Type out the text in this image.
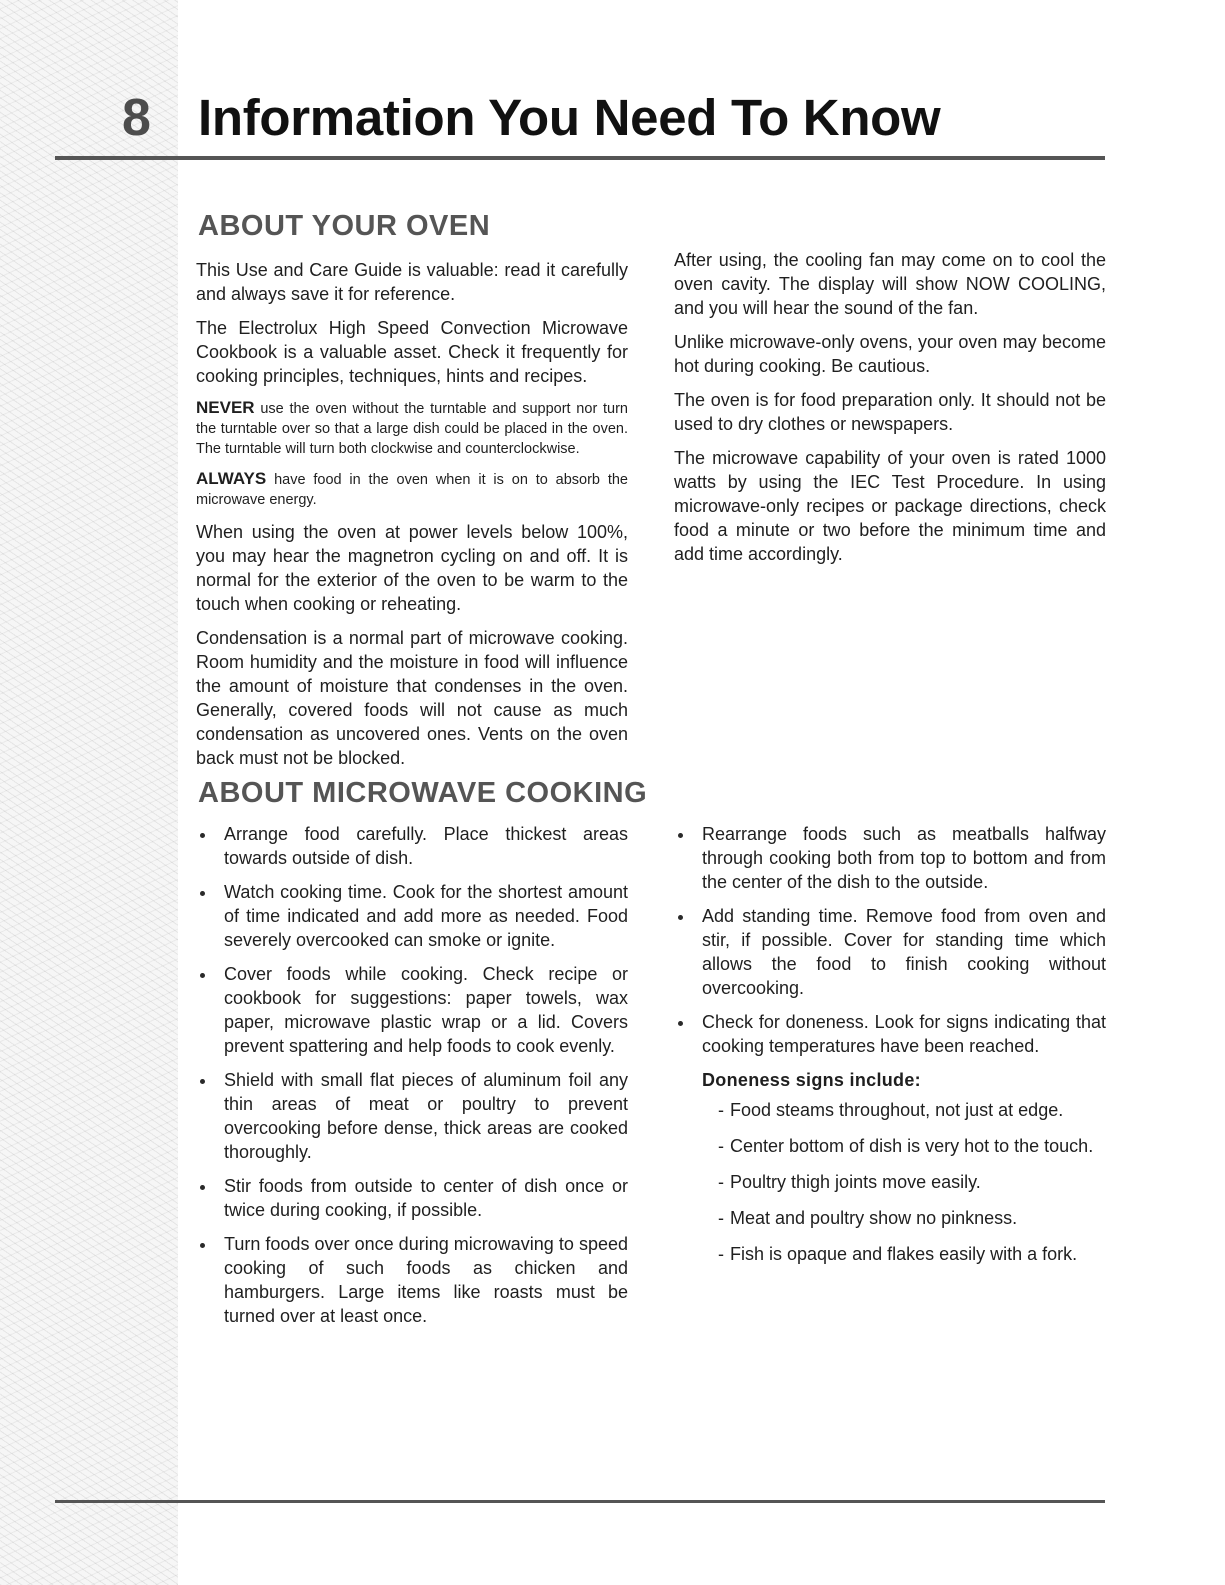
8 Information You Need To Know
ABOUT YOUR OVEN

This Use and Care Guide is valuable: read it carefully and always save it for reference.

The Electrolux High Speed Convection Microwave Cookbook is a valuable asset. Check it frequently for cooking principles, techniques, hints and recipes.

NEVER use the oven without the turntable and support nor turn the turntable over so that a large dish could be placed in the oven. The turntable will turn both clockwise and counterclockwise.

ALWAYS have food in the oven when it is on to absorb the microwave energy.

When using the oven at power levels below 100%, you may hear the magnetron cycling on and off. It is normal for the exterior of the oven to be warm to the touch when cooking or reheating.

Condensation is a normal part of microwave cooking. Room humidity and the moisture in food will influence the amount of moisture that condenses in the oven. Generally, covered foods will not cause as much condensation as uncovered ones. Vents on the oven back must not be blocked.

After using, the cooling fan may come on to cool the oven cavity. The display will show NOW COOLING, and you will hear the sound of the fan.

Unlike microwave-only ovens, your oven may become hot during cooking. Be cautious.

The oven is for food preparation only. It should not be used to dry clothes or newspapers.

The microwave capability of your oven is rated 1000 watts by using the IEC Test Procedure. In using microwave-only recipes or package directions, check food a minute or two before the minimum time and add time accordingly.

ABOUT MICROWAVE COOKING
Arrange food carefully. Place thickest areas towards outside of dish.
Watch cooking time. Cook for the shortest amount of time indicated and add more as needed. Food severely overcooked can smoke or ignite.
Cover foods while cooking. Check recipe or cookbook for suggestions: paper towels, wax paper, microwave plastic wrap or a lid. Covers prevent spattering and help foods to cook evenly.
Shield with small flat pieces of aluminum foil any thin areas of meat or poultry to prevent overcooking before dense, thick areas are cooked thoroughly.
Stir foods from outside to center of dish once or twice during cooking, if possible.
Turn foods over once during microwaving to speed cooking of such foods as chicken and hamburgers. Large items like roasts must be turned over at least once.
Rearrange foods such as meatballs halfway through cooking both from top to bottom and from the center of the dish to the outside.
Add standing time. Remove food from oven and stir, if possible. Cover for standing time which allows the food to finish cooking without overcooking.
Check for doneness. Look for signs indicating that cooking temperatures have been reached.
Doneness signs include:
- Food steams throughout, not just at edge.
- Center bottom of dish is very hot to the touch.
- Poultry thigh joints move easily.
- Meat and poultry show no pinkness.
- Fish is opaque and flakes easily with a fork.
